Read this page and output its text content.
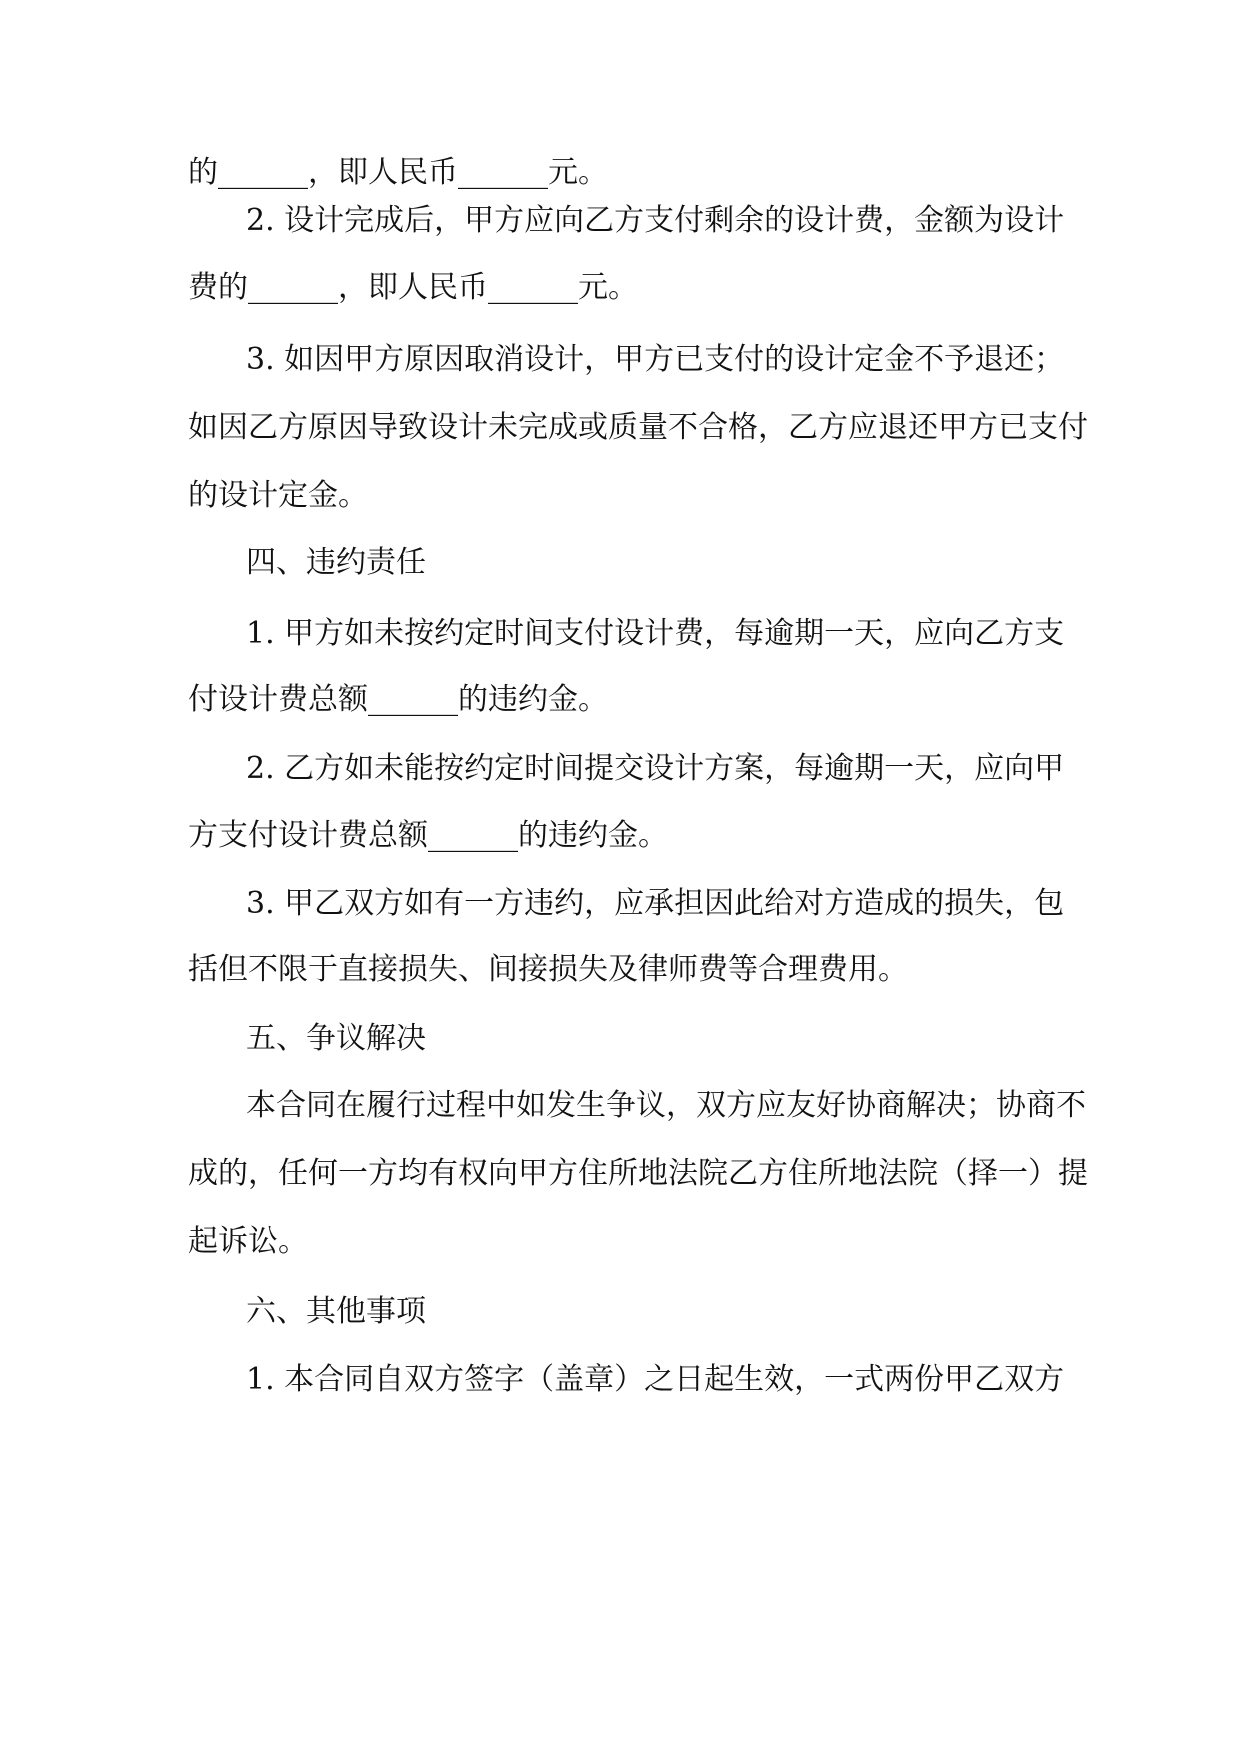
的______，即人民币______元。
2. 设计完成后，甲方应向乙方支付剩余的设计费，金额为设计
费的______，即人民币______元。
3. 如因甲方原因取消设计，甲方已支付的设计定金不予退还；
如因乙方原因导致设计未完成或质量不合格，乙方应退还甲方已支付
的设计定金。
四、违约责任
1. 甲方如未按约定时间支付设计费，每逾期一天，应向乙方支
付设计费总额______的违约金。
2. 乙方如未能按约定时间提交设计方案，每逾期一天，应向甲
方支付设计费总额______的违约金。
3. 甲乙双方如有一方违约，应承担因此给对方造成的损失，包
括但不限于直接损失、间接损失及律师费等合理费用。
五、争议解决
本合同在履行过程中如发生争议，双方应友好协商解决；协商不
成的，任何一方均有权向甲方住所地法院乙方住所地法院（择一）提
起诉讼。
六、其他事项
1. 本合同自双方签字（盖章）之日起生效，一式两份甲乙双方
